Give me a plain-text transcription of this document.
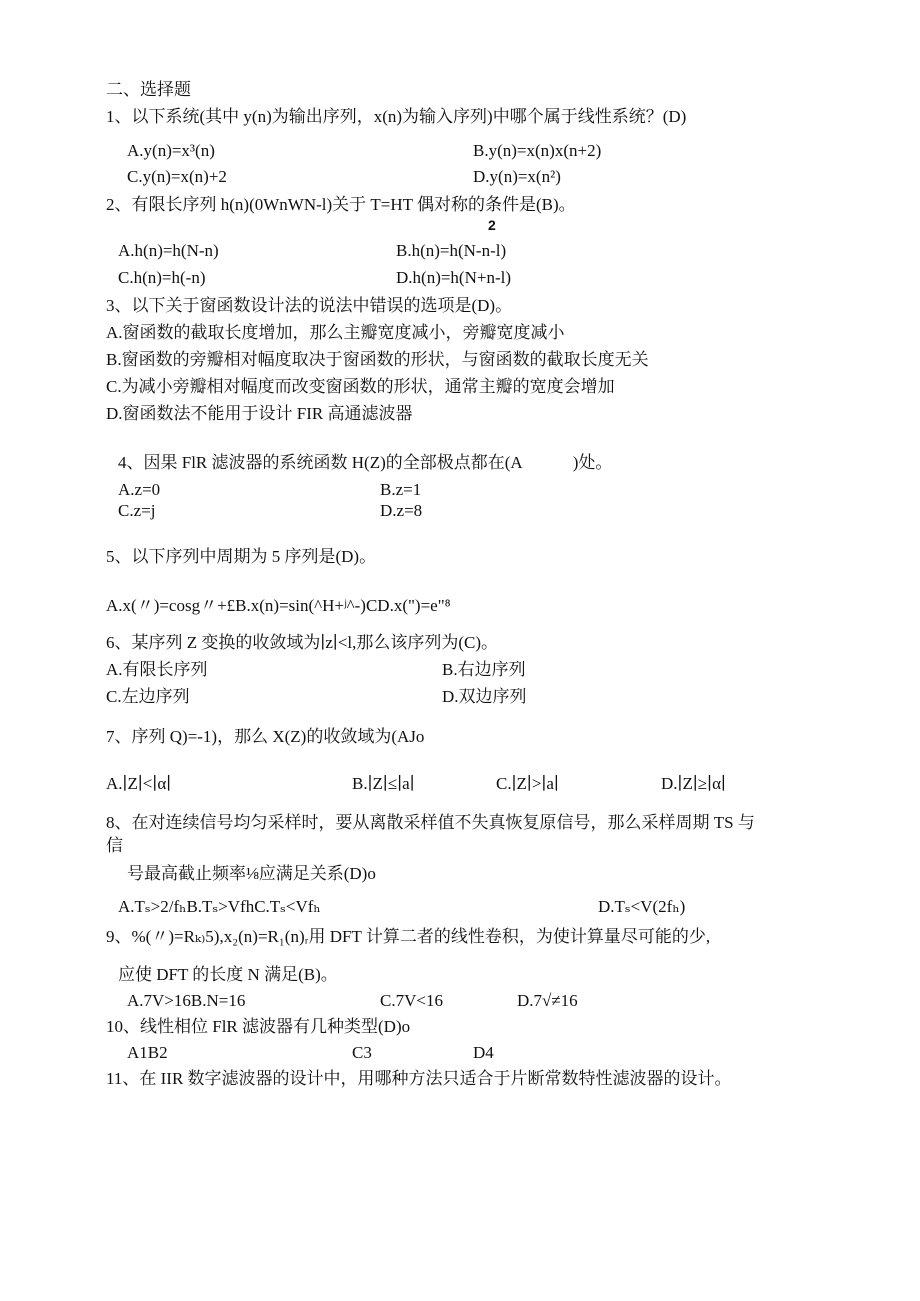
二、选择题
1、以下系统(其中 y(n)为输出序列，x(n)为输入序列)中哪个属于线性系统？(D)
A.y(n)=x³(n)	B.y(n)=x(n)x(n+2)
C.y(n)=x(n)+2	D.y(n)=x(n²)
2、有限长序列 h(n)(0WnWN-l)关于 T=HT 偶对称的条件是(B)。
2
A.h(n)=h(N-n)	B.h(n)=h(N-n-l)
C.h(n)=h(-n)	D.h(n)=h(N+n-l)
3、以下关于窗函数设计法的说法中错误的选项是(D)。
A.窗函数的截取长度增加，那么主瓣宽度减小，旁瓣宽度减小
B.窗函数的旁瓣相对幅度取决于窗函数的形状，与窗函数的截取长度无关
C.为减小旁瓣相对幅度而改变窗函数的形状，通常主瓣的宽度会增加
D.窗函数法不能用于设计 FIR 高通滤波器
4、因果 FlR 滤波器的系统函数 H(Z)的全部极点都在(A　　　)处。
A.z=0	B.z=1
C.z=j	D.z=8
5、以下序列中周期为 5 序列是(D)。
A.x(〃)=cosg〃+£B.x(n)=sin(^H+ʲ^-)CD.x(")=e"⁸
6、某序列 Z 变换的收敛域为∣z∣<l,那么该序列为(C)。
A.有限长序列	B.右边序列
C.左边序列	D.双边序列
7、序列 Q)=-1)，那么 X(Z)的收敛域为(AJo
A.∣Z∣<∣α∣	B.∣Z∣≤∣a∣	C.∣Z∣>∣a∣	D.∣Z∣≥∣α∣
8、在对连续信号均匀采样时，要从离散采样值不失真恢复原信号，那么采样周期 TS 与
信
号最高截止频率⅛应满足关系(D)o
A.Tₛ>2/fₕB.Tₛ>VfhC.Tₛ<Vfₕ	D.Tₛ<V(2fₕ)
9、%(〃)=Rₖ₎5),x₂(n)=R₁(n)ᵣ用 DFT 计算二者的线性卷积，为使计算量尽可能的少,
应使 DFT 的长度 N 满足(B)。
A.7V>16B.N=16	C.7V<16	D.7√≠16
10、线性相位 FlR 滤波器有几种类型(D)o
A1B2	C3	D4
11、在 IIR 数字滤波器的设计中，用哪种方法只适合于片断常数特性滤波器的设计。
